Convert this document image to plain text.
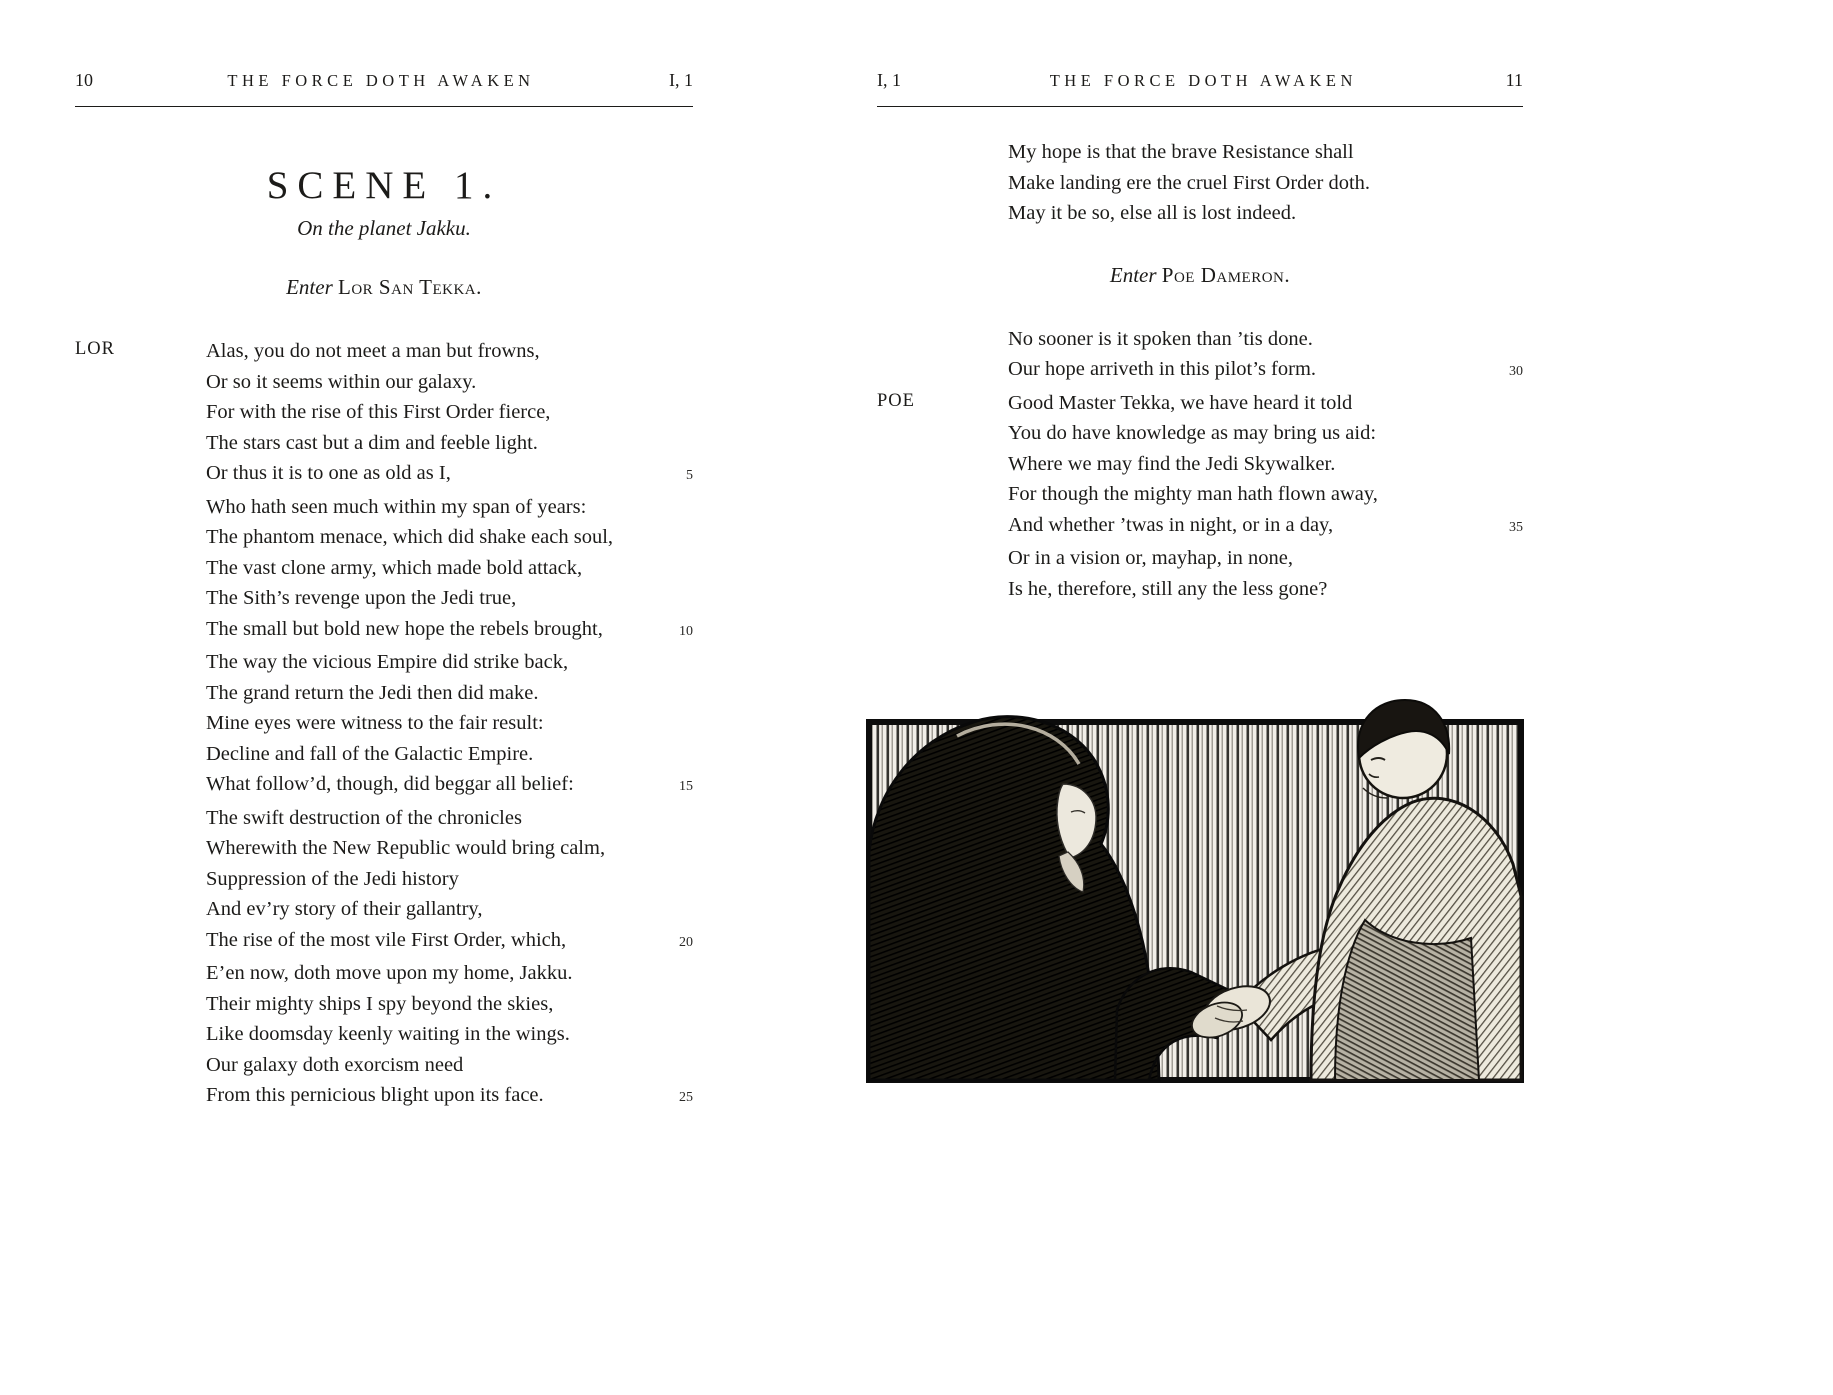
10	THE FORCE DOTH AWAKEN	I, 1
SCENE 1.
On the planet Jakku.
Enter Lor San Tekka.
LOR	Alas, you do not meet a man but frowns,
Or so it seems within our galaxy.
For with the rise of this First Order fierce,
The stars cast but a dim and feeble light.
Or thus it is to one as old as I,	5
Who hath seen much within my span of years:
The phantom menace, which did shake each soul,
The vast clone army, which made bold attack,
The Sith’s revenge upon the Jedi true,
The small but bold new hope the rebels brought,	10
The way the vicious Empire did strike back,
The grand return the Jedi then did make.
Mine eyes were witness to the fair result:
Decline and fall of the Galactic Empire.
What follow’d, though, did beggar all belief:	15
The swift destruction of the chronicles
Wherewith the New Republic would bring calm,
Suppression of the Jedi history
And ev’ry story of their gallantry,
The rise of the most vile First Order, which,	20
E’en now, doth move upon my home, Jakku.
Their mighty ships I spy beyond the skies,
Like doomsday keenly waiting in the wings.
Our galaxy doth exorcism need
From this pernicious blight upon its face.	25
I, 1	THE FORCE DOTH AWAKEN	11
My hope is that the brave Resistance shall
Make landing ere the cruel First Order doth.
May it be so, else all is lost indeed.
Enter Poe Dameron.
No sooner is it spoken than ’tis done.
Our hope arriveth in this pilot’s form.	30
POE	Good Master Tekka, we have heard it told
You do have knowledge as may bring us aid:
Where we may find the Jedi Skywalker.
For though the mighty man hath flown away,
And whether ’twas in night, or in a day,	35
Or in a vision or, mayhap, in none,
Is he, therefore, still any the less gone?
